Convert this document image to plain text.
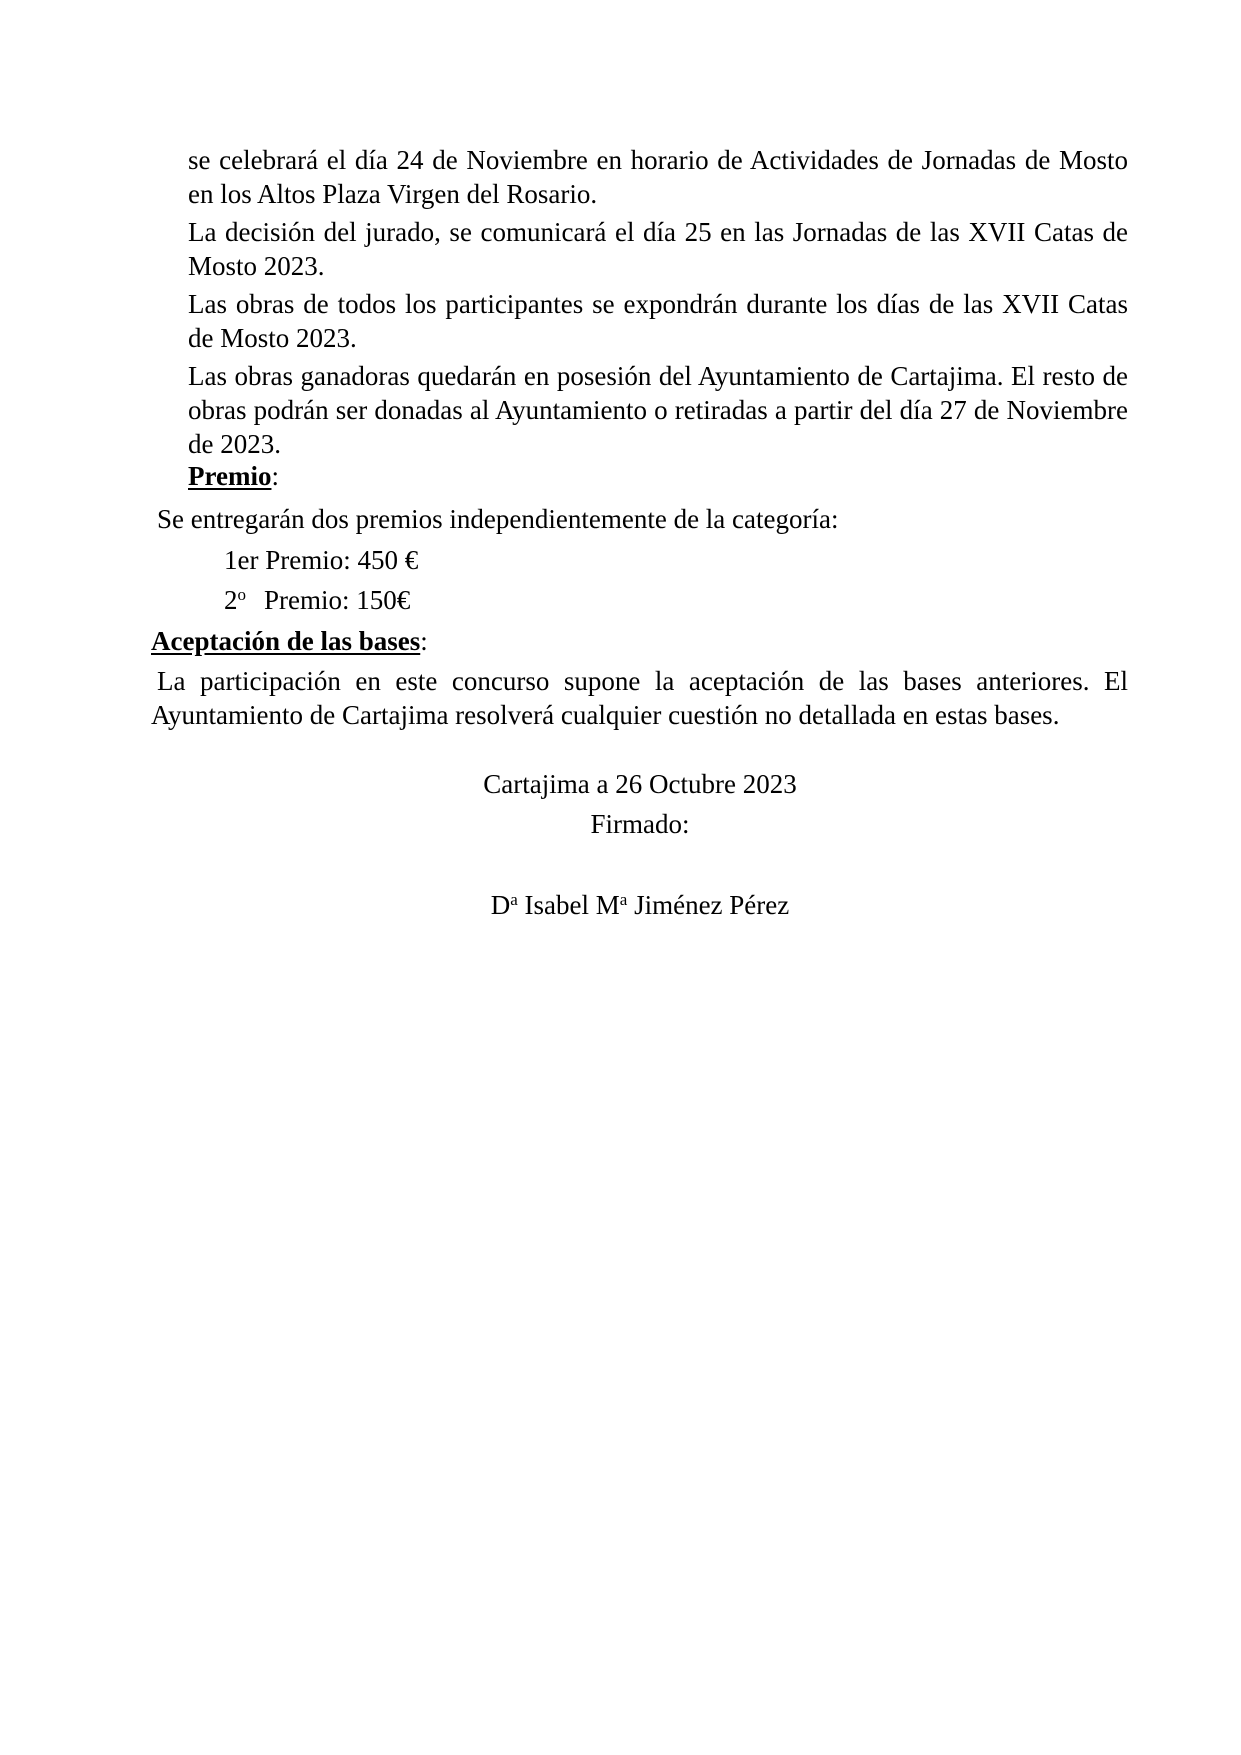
se celebrará el día 24 de Noviembre en horario de Actividades de Jornadas de Mosto en los Altos Plaza Virgen del Rosario.

La decisión del jurado, se comunicará el día 25 en las Jornadas de las XVII Catas de Mosto 2023.

Las obras de todos los participantes se expondrán durante los días de las XVII Catas de Mosto 2023.

Las obras ganadoras quedarán en posesión del Ayuntamiento de Cartajima. El resto de obras podrán ser donadas al Ayuntamiento o retiradas a partir del día 27 de Noviembre de 2023.

Premio:
Se entregarán dos premios independientemente de la categoría:
1er Premio: 450 €
2$^o$ Premio: 150€
Aceptación de las bases:

La participación en este concurso supone la aceptación de las bases anteriores. El Ayuntamiento de Cartajima resolverá cualquier cuestión no detallada en estas bases.

Cartajima a 26 Octubre 2023
Firmado:
$D^a$ Isabel $M^a$ Jiménez Pérez
